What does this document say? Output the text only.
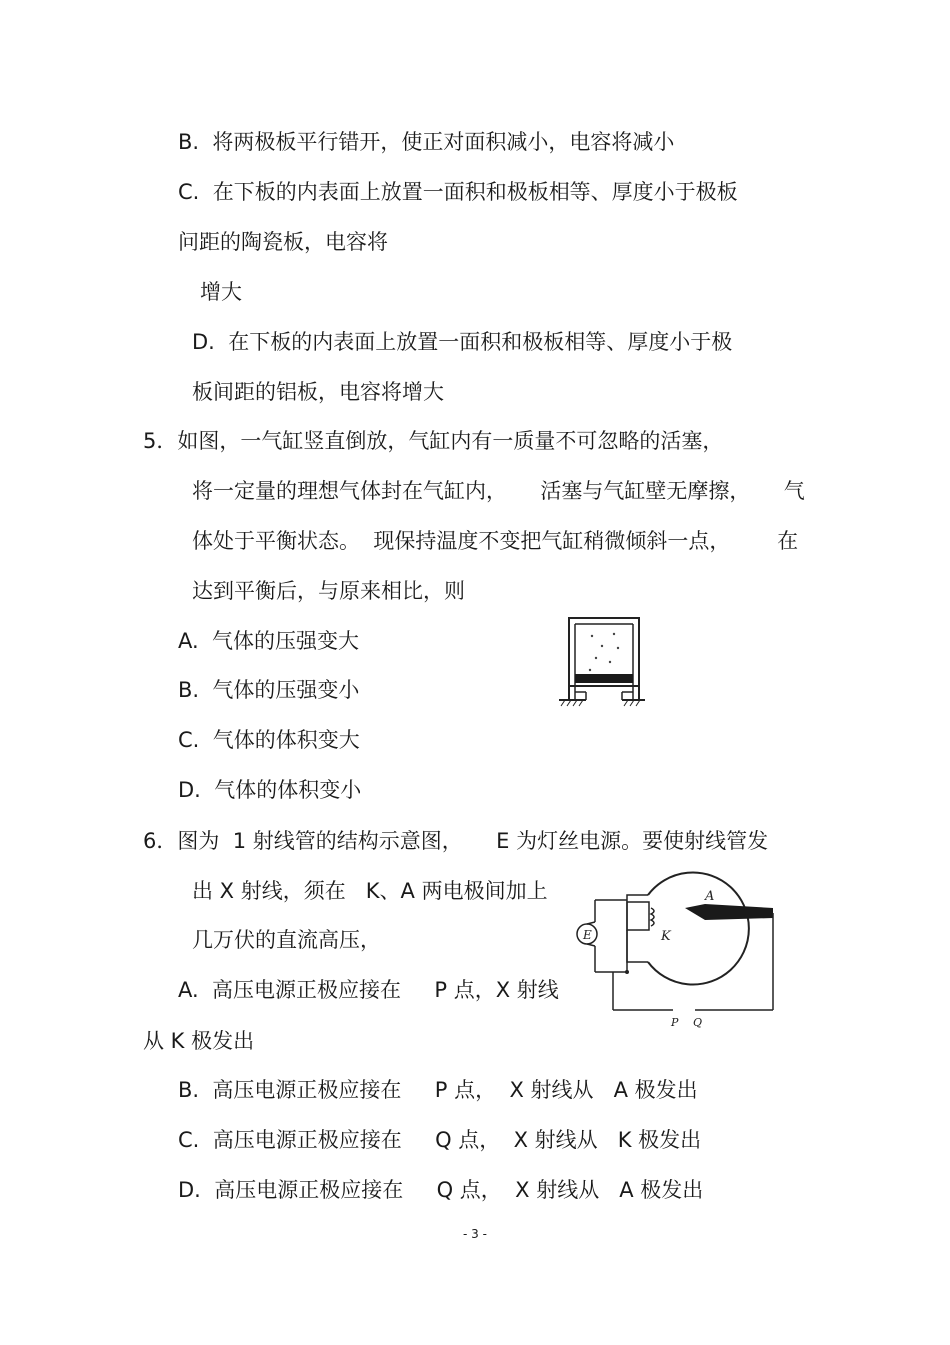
B.  将两极板平行错开，使正对面积减小，电容将减小
C.  在下板的内表面上放置一面积和极板相等、厚度小于极板
问距的陶瓷板，电容将
增大
D.  在下板的内表面上放置一面积和极板相等、厚度小于极
板间距的铝板，电容将增大
5．如图，一气缸竖直倒放，气缸内有一质量不可忽略的活塞，
将一定量的理想气体封在气缸内，     活塞与气缸壁无摩擦，     气
体处于平衡状态。  现保持温度不变把气缸稍微倾斜一点，       在
达到平衡后，与原来相比，则
A.  气体的压强变大
B.  气体的压强变小
C.  气体的体积变大
D.  气体的体积变小
6．图为  1 射线管的结构示意图，     E 为灯丝电源。要使射线管发
出 X 射线，须在   K、A 两电极间加上
几万伏的直流高压，
A.  高压电源正极应接在     P 点，X 射线
从 K 极发出
B.  高压电源正极应接在     P 点，  X 射线从   A 极发出
C.  高压电源正极应接在     Q 点，  X 射线从   K 极发出
D.  高压电源正极应接在     Q 点，  X 射线从   A 极发出
E
A
K
P Q
- 3 -
